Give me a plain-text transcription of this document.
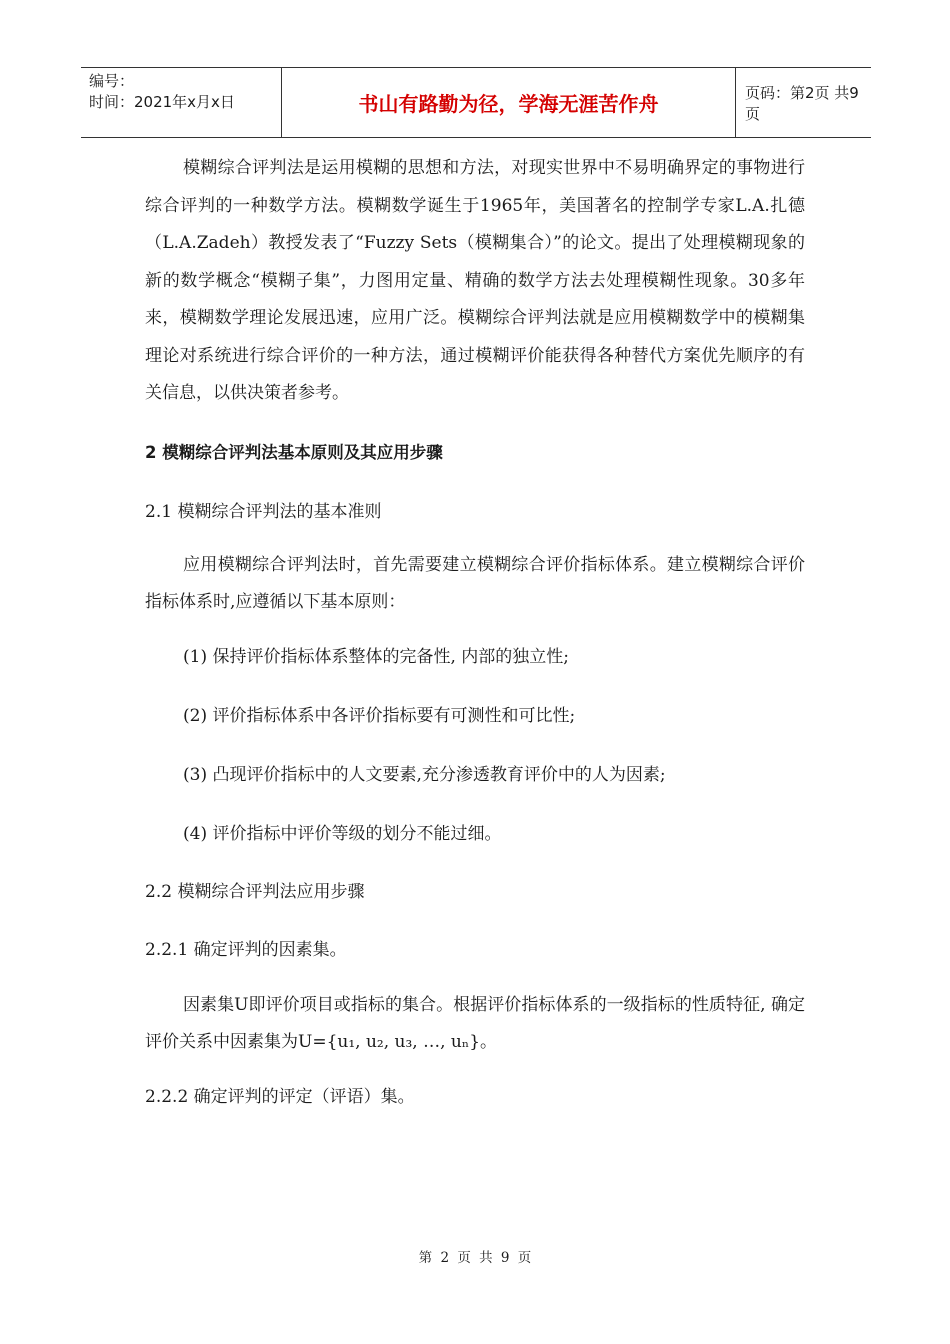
编号：
时间：2021年x月x日	书山有路勤为径，学海无涯苦作舟	页码：第2页 共9页

模糊综合评判法是运用模糊的思想和方法，对现实世界中不易明确界定的事物进行综合评判的一种数学方法。模糊数学诞生于1965年，美国著名的控制学专家L.A.扎德（L.A.Zadeh）教授发表了“Fuzzy Sets（模糊集合）”的论文。提出了处理模糊现象的新的数学概念“模糊子集”，力图用定量、精确的数学方法去处理模糊性现象。30多年来，模糊数学理论发展迅速，应用广泛。模糊综合评判法就是应用模糊数学中的模糊集理论对系统进行综合评价的一种方法，通过模糊评价能获得各种替代方案优先顺序的有关信息，以供决策者参考。

2 模糊综合评判法基本原则及其应用步骤

2.1 模糊综合评判法的基本准则

应用模糊综合评判法时，首先需要建立模糊综合评价指标体系。建立模糊综合评价指标体系时,应遵循以下基本原则：

(1) 保持评价指标体系整体的完备性, 内部的独立性;

(2) 评价指标体系中各评价指标要有可测性和可比性;

(3) 凸现评价指标中的人文要素,充分渗透教育评价中的人为因素;

(4) 评价指标中评价等级的划分不能过细。

2.2 模糊综合评判法应用步骤

2.2.1 确定评判的因素集。

因素集U即评价项目或指标的集合。根据评价指标体系的一级指标的性质特征, 确定评价关系中因素集为U={u₁, u₂, u₃, …, uₙ}。

2.2.2 确定评判的评定（评语）集。

第 2 页 共 9 页
